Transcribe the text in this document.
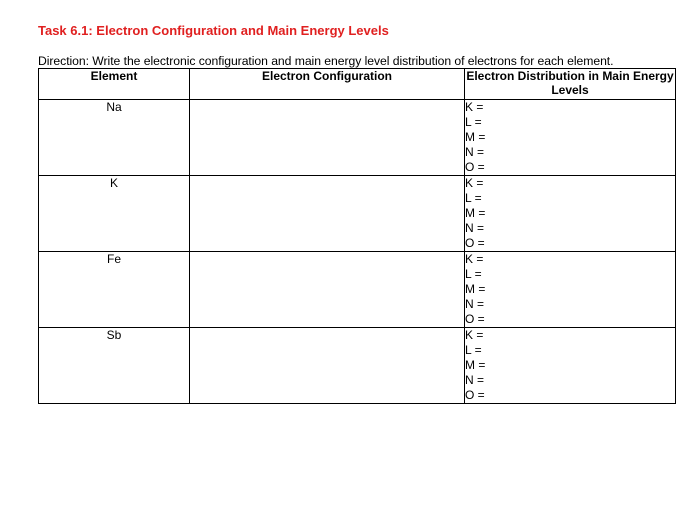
Task 6.1: Electron Configuration and Main Energy Levels
Direction: Write the electronic configuration and main energy level distribution of electrons for each element.
Element	Electron Configuration	Electron Distribution in Main Energy Levels
Na		K =
L =
M =
N =
O =

K		K =
L =
M =
N =
O =

Fe		K =
L =
M =
N =
O =

Sb		K =
L =
M =
N =
O =
